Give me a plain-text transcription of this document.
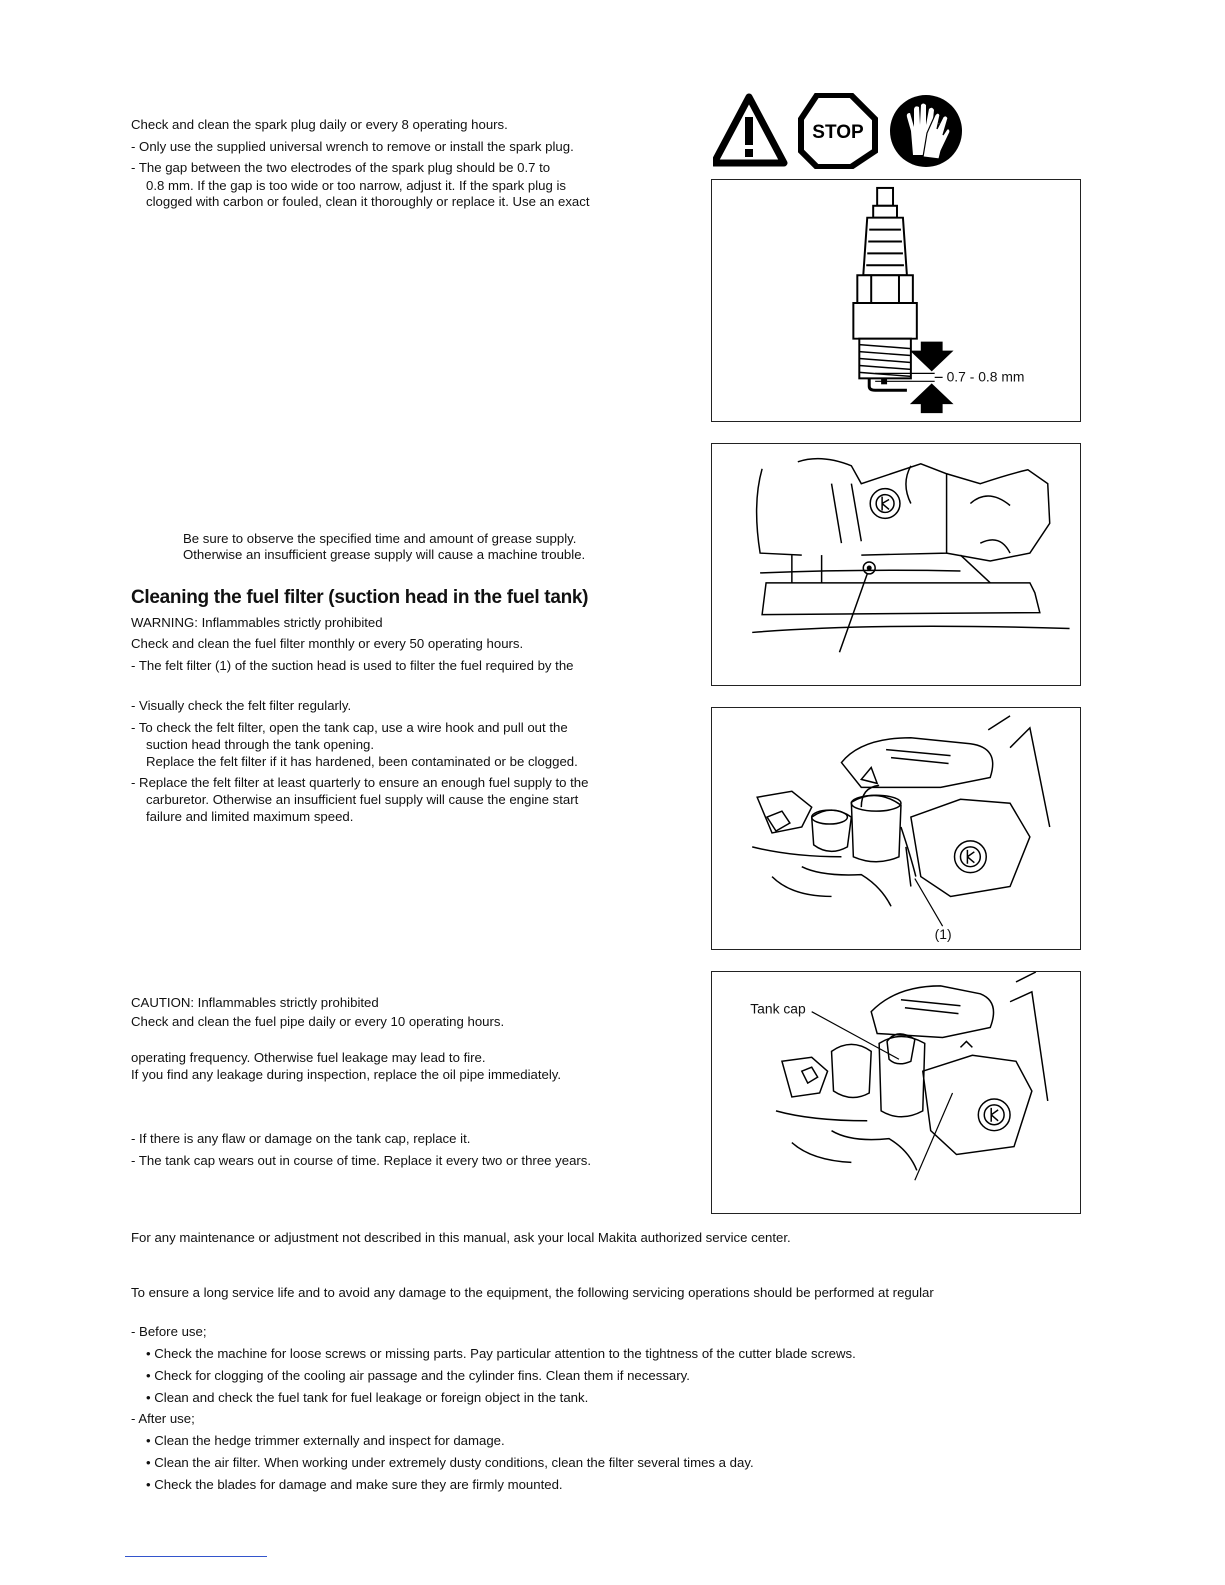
Check and clean the spark plug daily or every 8 operating hours.
- Only use the supplied universal wrench to remove or install the spark plug.
- The gap between the two electrodes of the spark plug should be 0.7 to
0.8 mm. If the gap is too wide or too narrow, adjust it. If the spark plug is
clogged with carbon or fouled, clean it thoroughly or replace it. Use an exact
STOP
0.7 - 0.8 mm
Be sure to observe the specified time and amount of grease supply.
Otherwise an insufficient grease supply will cause a machine trouble.
Cleaning the fuel filter (suction head in the fuel tank)
WARNING: Inflammables strictly prohibited
Check and clean the fuel filter monthly or every 50 operating hours.
- The felt filter (1) of the suction head is used to filter the fuel required by the
- Visually check the felt filter regularly.
- To check the felt filter, open the tank cap, use a wire hook and pull out the
suction head through the tank opening.
Replace the felt filter if it has hardened, been contaminated or be clogged.
- Replace the felt filter at least quarterly to ensure an enough fuel supply to the
carburetor. Otherwise an insufficient fuel supply will cause the engine start
failure and limited maximum speed.
(1)
CAUTION: Inflammables strictly prohibited
Check and clean the fuel pipe daily or every 10 operating hours.
operating frequency. Otherwise fuel leakage may lead to fire.
If you find any leakage during inspection, replace the oil pipe immediately.
- If there is any flaw or damage on the tank cap, replace it.
- The tank cap wears out in course of time. Replace it every two or three years.
Tank cap
For any maintenance or adjustment not described in this manual, ask your local Makita authorized service center.
To ensure a long service life and to avoid any damage to the equipment, the following servicing operations should be performed at regular
- Before use;
• Check the machine for loose screws or missing parts. Pay particular attention to the tightness of the cutter blade screws.
• Check for clogging of the cooling air passage and the cylinder fins. Clean them if necessary.
• Clean and check the fuel tank for fuel leakage or foreign object in the tank.
- After use;
• Clean the hedge trimmer externally and inspect for damage.
• Clean the air filter. When working under extremely dusty conditions, clean the filter several times a day.
• Check the blades for damage and make sure they are firmly mounted.
